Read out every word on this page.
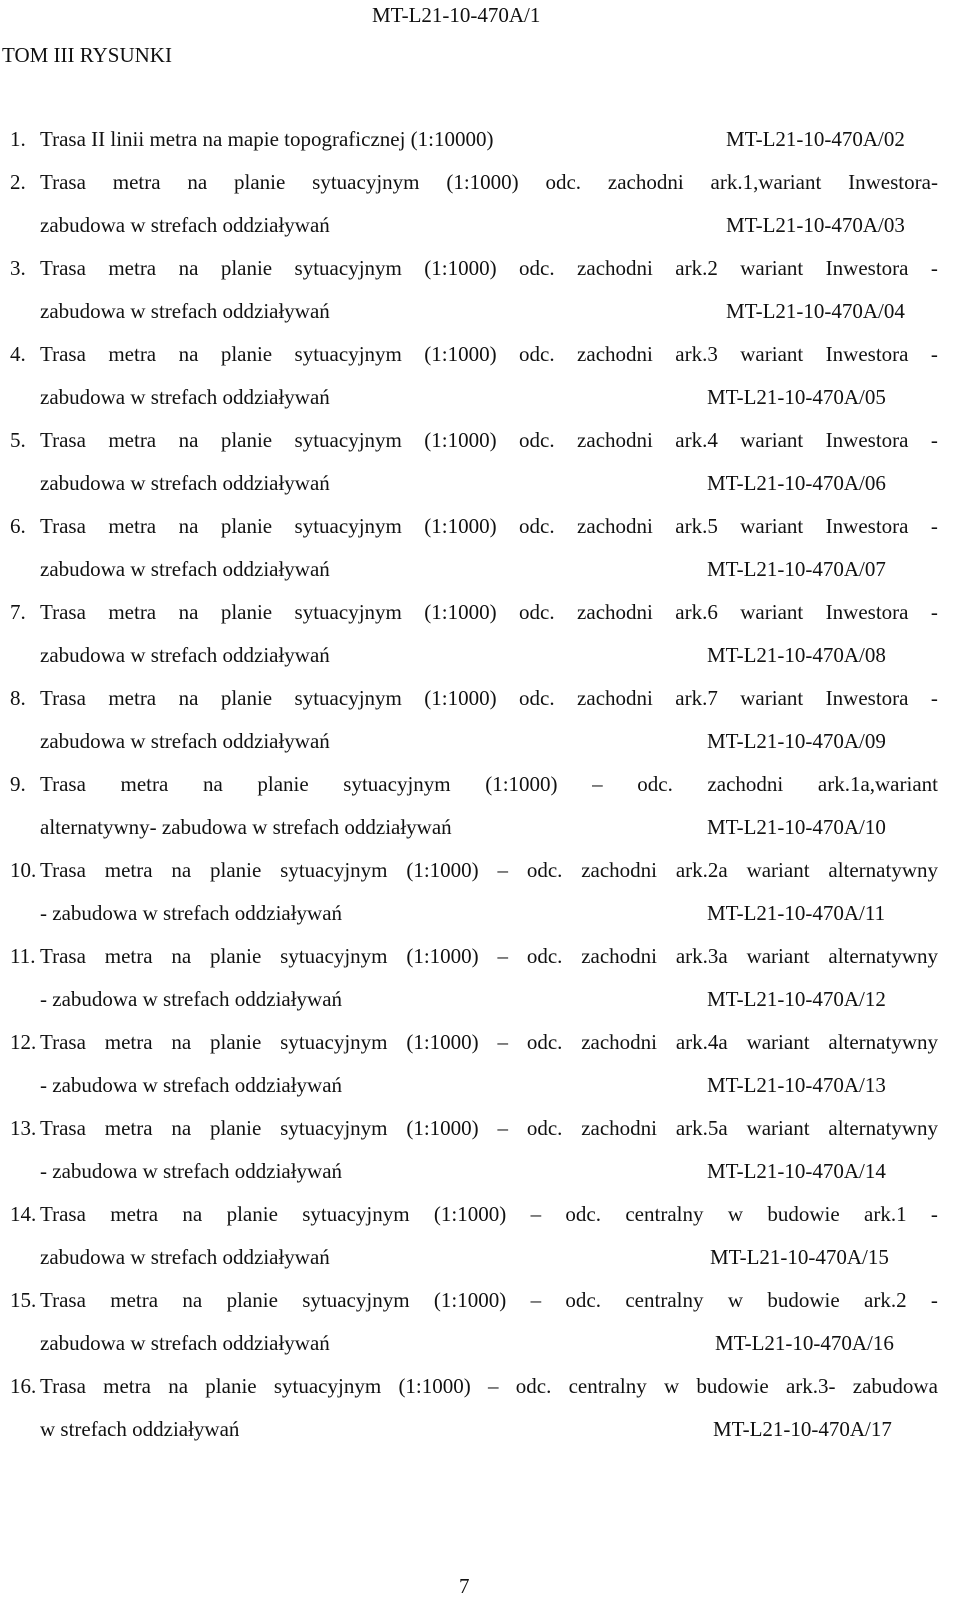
MT-L21-10-470A/1
TOM III RYSUNKI
1. Trasa II linii metra na mapie topograficznej (1:10000)	MT-L21-10-470A/02
2. Trasa metra na planie sytuacyjnym (1:1000) odc. zachodni ark.1,wariant Inwestora-
zabudowa w strefach oddziaływań	MT-L21-10-470A/03
3. Trasa metra na planie sytuacyjnym (1:1000) odc. zachodni ark.2 wariant Inwestora -
zabudowa w strefach oddziaływań	MT-L21-10-470A/04
4. Trasa metra na planie sytuacyjnym (1:1000) odc. zachodni ark.3 wariant Inwestora -
zabudowa w strefach oddziaływań	MT-L21-10-470A/05
5. Trasa metra na planie sytuacyjnym (1:1000) odc. zachodni ark.4 wariant Inwestora -
zabudowa w strefach oddziaływań	MT-L21-10-470A/06
6. Trasa metra na planie sytuacyjnym (1:1000) odc. zachodni ark.5 wariant Inwestora -
zabudowa w strefach oddziaływań	MT-L21-10-470A/07
7. Trasa metra na planie sytuacyjnym (1:1000) odc. zachodni ark.6 wariant Inwestora -
zabudowa w strefach oddziaływań	MT-L21-10-470A/08
8. Trasa metra na planie sytuacyjnym (1:1000) odc. zachodni ark.7 wariant Inwestora -
zabudowa w strefach oddziaływań	MT-L21-10-470A/09
9. Trasa metra na planie sytuacyjnym (1:1000) – odc. zachodni ark.1a,wariant
alternatywny- zabudowa w strefach oddziaływań	MT-L21-10-470A/10
10. Trasa metra na planie sytuacyjnym (1:1000) – odc. zachodni ark.2a wariant alternatywny
- zabudowa w strefach oddziaływań	MT-L21-10-470A/11
11. Trasa metra na planie sytuacyjnym (1:1000) – odc. zachodni ark.3a wariant alternatywny
- zabudowa w strefach oddziaływań	MT-L21-10-470A/12
12. Trasa metra na planie sytuacyjnym (1:1000) – odc. zachodni ark.4a wariant alternatywny
- zabudowa w strefach oddziaływań	MT-L21-10-470A/13
13. Trasa metra na planie sytuacyjnym (1:1000) – odc. zachodni ark.5a wariant alternatywny
- zabudowa w strefach oddziaływań	MT-L21-10-470A/14
14. Trasa metra na planie sytuacyjnym (1:1000) – odc. centralny w budowie ark.1 -
zabudowa w strefach oddziaływań	MT-L21-10-470A/15
15. Trasa metra na planie sytuacyjnym (1:1000) – odc. centralny w budowie ark.2 -
zabudowa w strefach oddziaływań	MT-L21-10-470A/16
16. Trasa metra na planie sytuacyjnym (1:1000) – odc. centralny w budowie ark.3- zabudowa
w strefach oddziaływań	MT-L21-10-470A/17
7
